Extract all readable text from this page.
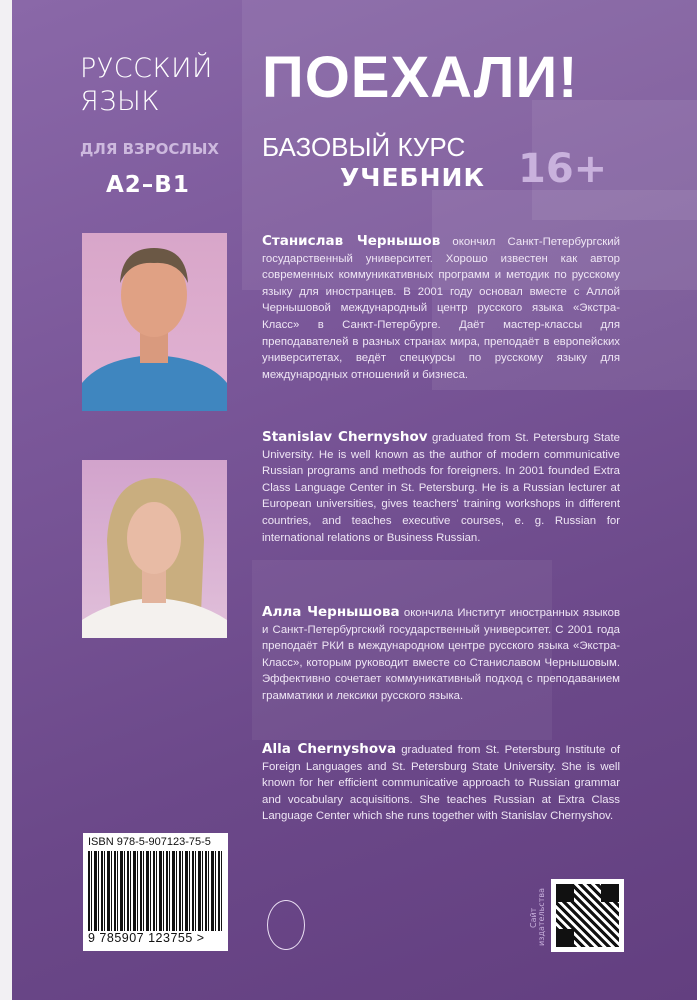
РУССКИЙ ЯЗЫК
ДЛЯ ВЗРОСЛЫХ
A2–B1
ПОЕХАЛИ!
БАЗОВЫЙ КУРС
УЧЕБНИК 16+
Станислав Чернышов окончил Санкт-Петербургский государственный университет. Хорошо известен как автор современных коммуникативных программ и методик по русскому языку для иностранцев. В 2001 году основал вместе с Аллой Чернышовой международный центр русского языка «Экстра-Класс» в Санкт-Петербурге. Даёт мастер-классы для преподавателей в разных странах мира, преподаёт в европейских университетах, ведёт спецкурсы по русскому языку для международных отношений и бизнеса.
Stanislav Chernyshov graduated from St. Petersburg State University. He is well known as the author of modern communicative Russian programs and methods for foreigners. In 2001 founded Extra Class Language Center in St. Petersburg. He is a Russian lecturer at European universities, gives teachers' training workshops in different countries, and teaches executive courses, e. g. Russian for international relations or Business Russian.
Алла Чернышова окончила Институт иностранных языков и Санкт-Петербургский государственный университет. С 2001 года преподаёт РКИ в международном центре русского языка «Экстра-Класс», которым руководит вместе со Станиславом Чернышовым. Эффективно сочетает коммуникативный подход с преподаванием грамматики и лексики русского языка.
Alla Chernyshova graduated from St. Petersburg Institute of Foreign Languages and St. Petersburg State University. She is well known for her efficient communicative approach to Russian grammar and vocabulary acquisitions. She teaches Russian at Extra Class Language Center which she runs together with Stanislav Chernyshov.
ISBN 978-5-907123-75-5
9 785907 123755 >
Сайт издательства
